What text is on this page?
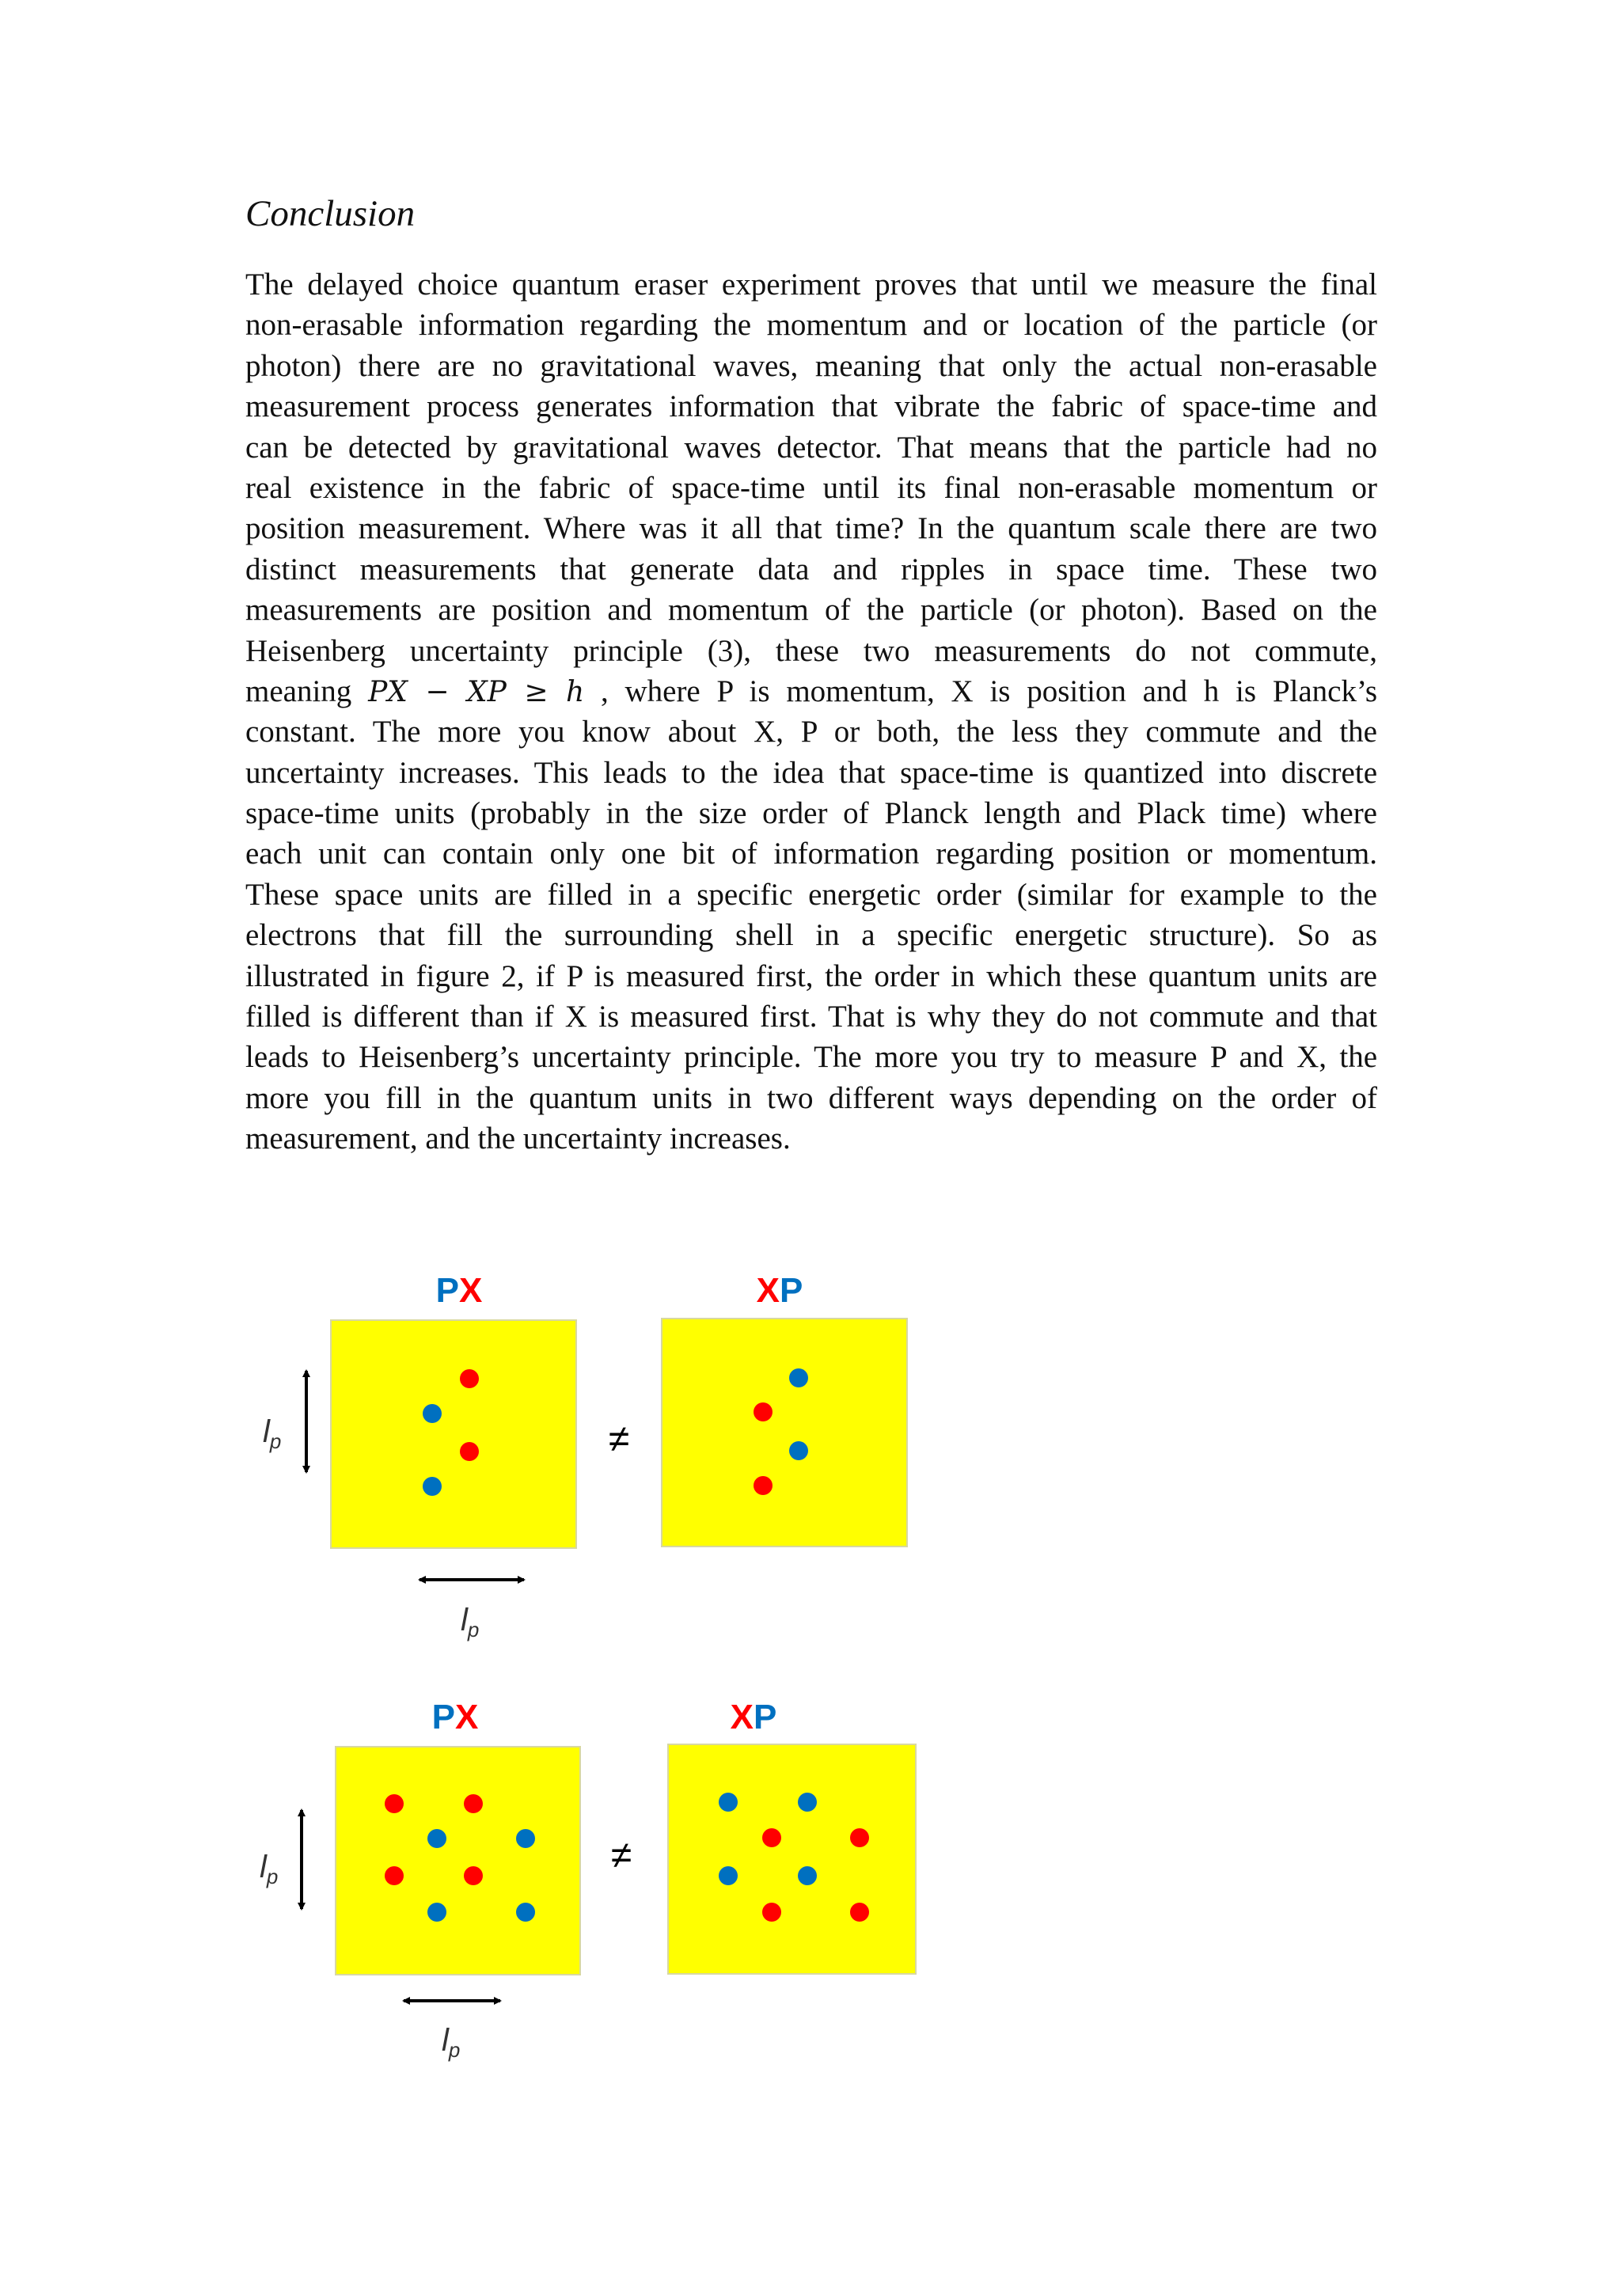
Conclusion
The delayed choice quantum eraser experiment proves that until we measure the final
non-erasable information regarding the momentum and or location of the particle (or
photon) there are no gravitational waves, meaning that only the actual non-erasable
measurement process generates information that vibrate the fabric of space-time and
can be detected by gravitational waves detector. That means that the particle had no
real existence in the fabric of space-time until its final non-erasable momentum or
position measurement. Where was it all that time? In the quantum scale there are two
distinct measurements that generate data and ripples in space time. These two
measurements are position and momentum of the particle (or photon). Based on the
Heisenberg uncertainty principle (3), these two measurements do not commute,
meaning PX − XP ≥ h , where P is momentum, X is position and h is Planck’s
constant. The more you know about X, P or both, the less they commute and the
uncertainty increases. This leads to the idea that space-time is quantized into discrete
space-time units (probably in the size order of Planck length and Plack time) where
each unit can contain only one bit of information regarding position or momentum.
These space units are filled in a specific energetic order (similar for example to the
electrons that fill the surrounding shell in a specific energetic structure). So as
illustrated in figure 2, if P is measured first, the order in which these quantum units are
filled is different than if X is measured first. That is why they do not commute and that
leads to Heisenberg’s uncertainty principle. The more you try to measure P and X, the
more you fill in the quantum units in two different ways depending on the order of
measurement, and the uncertainty increases.
P X	X P
≠
$l_p$
$l_p$
P X	X P
≠
$l_p$
$l_p$
